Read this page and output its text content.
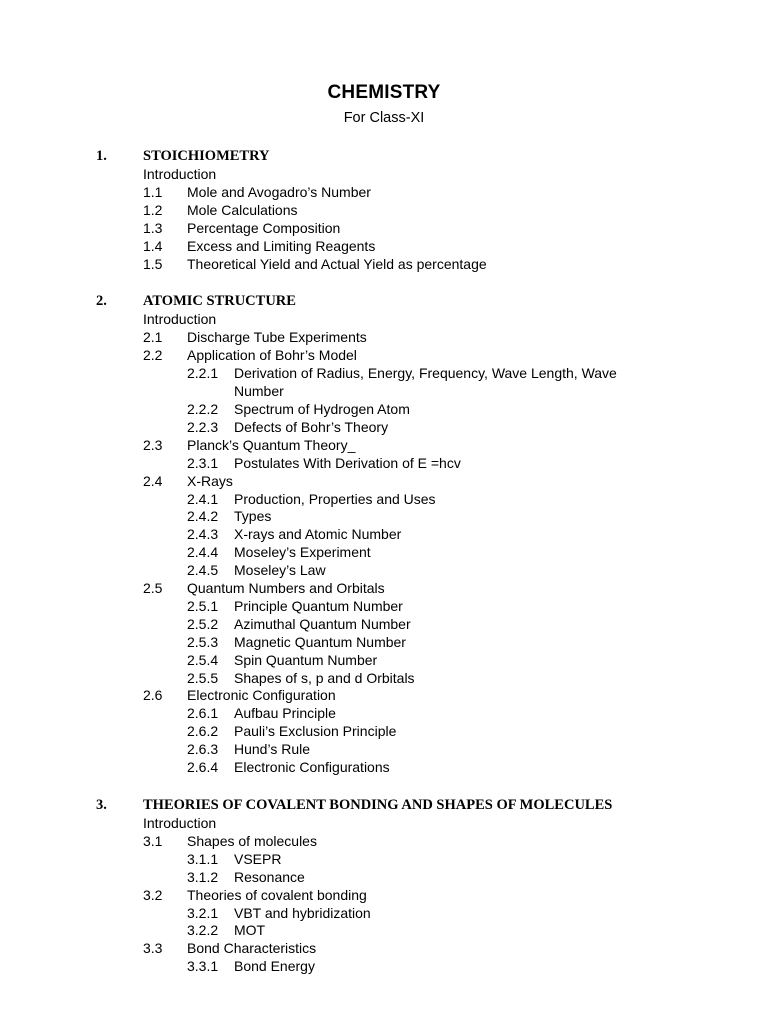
CHEMISTRY
For Class-XI
1.	STOICHIOMETRY
Introduction
1.1	Mole and Avogadro’s Number
1.2	Mole Calculations
1.3	Percentage Composition
1.4	Excess and Limiting Reagents
1.5	Theoretical Yield and Actual Yield as percentage
2.	ATOMIC STRUCTURE
Introduction
2.1	Discharge Tube Experiments
2.2	Application of Bohr’s Model
2.2.1	Derivation of Radius, Energy, Frequency, Wave Length, Wave Number
2.2.2	Spectrum of Hydrogen Atom
2.2.3	Defects of Bohr’s Theory
2.3	Planck’s Quantum Theory_
2.3.1	Postulates With Derivation of E =hcv
2.4	X-Rays
2.4.1	Production, Properties and Uses
2.4.2	Types
2.4.3	X-rays and Atomic Number
2.4.4	Moseley’s Experiment
2.4.5	Moseley’s Law
2.5	Quantum Numbers and Orbitals
2.5.1	Principle Quantum Number
2.5.2	Azimuthal Quantum Number
2.5.3	Magnetic Quantum Number
2.5.4	Spin Quantum Number
2.5.5	Shapes of s, p and d Orbitals
2.6	Electronic Configuration
2.6.1	Aufbau Principle
2.6.2	Pauli’s Exclusion Principle
2.6.3	Hund’s Rule
2.6.4	Electronic Configurations
3.	THEORIES OF COVALENT BONDING AND SHAPES OF MOLECULES
Introduction
3.1	Shapes of molecules
3.1.1	VSEPR
3.1.2	Resonance
3.2	Theories of covalent bonding
3.2.1	VBT and hybridization
3.2.2	MOT
3.3	Bond Characteristics
3.3.1	Bond Energy
